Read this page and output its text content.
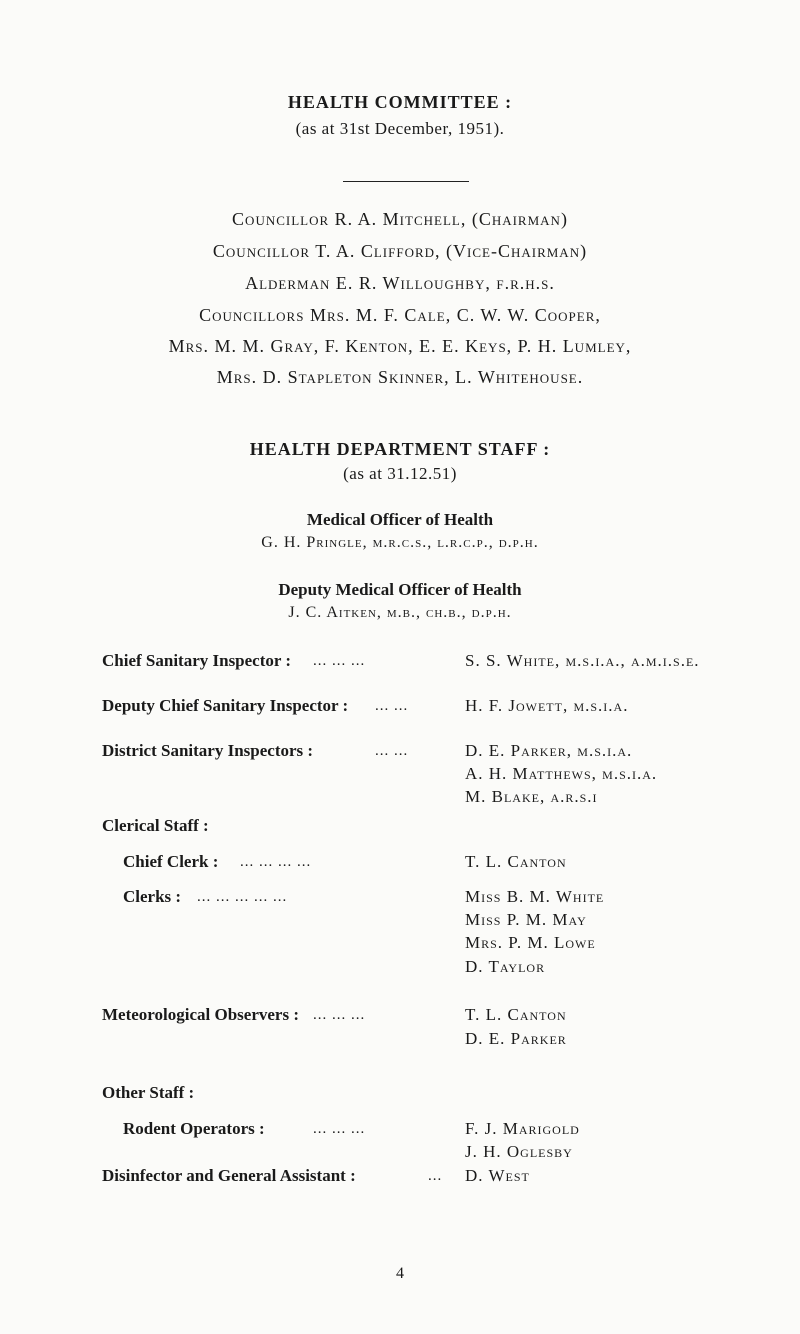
HEALTH COMMITTEE :
(as at 31st December, 1951).
Councillor R. A. Mitchell, (Chairman)
Councillor T. A. Clifford, (Vice-Chairman)
Alderman E. R. Willoughby, f.r.h.s.
Councillors Mrs. M. F. Cale, C. W. W. Cooper,
Mrs. M. M. Gray, F. Kenton, E. E. Keys, P. H. Lumley,
Mrs. D. Stapleton Skinner, L. Whitehouse.
HEALTH DEPARTMENT STAFF :
(as at 31.12.51)
Medical Officer of Health
G. H. Pringle, m.r.c.s., l.r.c.p., d.p.h.
Deputy Medical Officer of Health
J. C. Aitken, m.b., ch.b., d.p.h.
Chief Sanitary Inspector : ... ... ...	S. S. White, m.s.i.a., a.m.i.s.e.
Deputy Chief Sanitary Inspector : ... ...	H. F. Jowett, m.s.i.a.
District Sanitary Inspectors :	... ...	D. E. Parker, m.s.i.a.
A. H. Matthews, m.s.i.a.
M. Blake, a.r.s.i
Clerical Staff :
Chief Clerk : ... ... ... ...	T. L. Canton
Clerks : ... ... ... ... ...	Miss B. M. White
Miss P. M. May
Mrs. P. M. Lowe
D. Taylor
Meteorological Observers : ... ... ...	T. L. Canton
D. E. Parker
Other Staff :
Rodent Operators :	... ... ...	F. J. Marigold
J. H. Oglesby
Disinfector and General Assistant :	... D. West
4
